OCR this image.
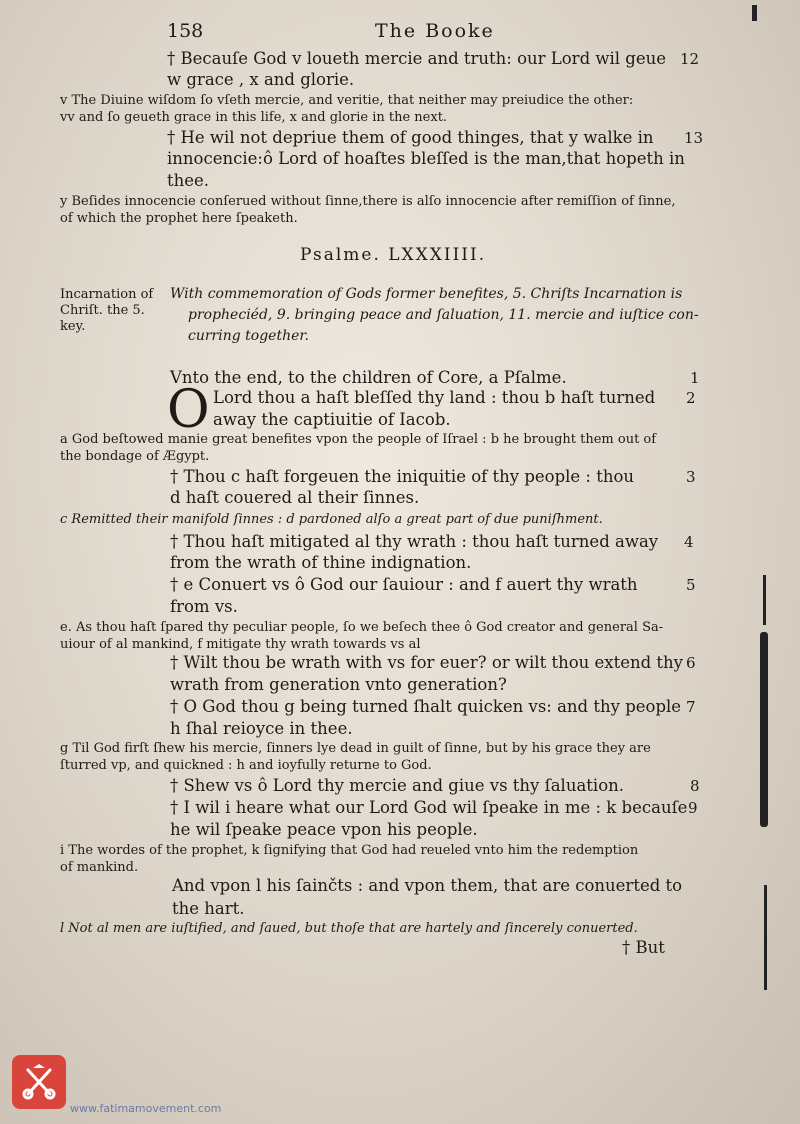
158	The Booke
† Becauſe God v loueth mercie and truth: our Lord wil geue 12
w grace , x and glorie.
v The Diuine wiſdom ſo vſeth mercie, and veritie, that neither may preiudice the other:
vv and ſo geueth grace in this life, x and glorie in the next.
† He wil not depriue them of good thinges, that y walke in 13
innocencie:ô Lord of hoaſtes bleſſed is the man,that hopeth in
thee.
y Beſides innocencie conſerued without ſinne,there is alſo innocencie after remiſſion of ſinne,
of which the prophet here ſpeaketh.
Psalme. LXXXIIII.
Incarnation of Chriſt. the 5. key.
With commemoration of Gods former benefites, 5. Chriſts Incarnation is
propheciéd, 9. bringing peace and ſaluation, 11. mercie and iuſtice con-
curring together.
Vnto the end, to the children of Core, a Pſalme.	1
O Lord thou a haſt bleſſed thy land : thou b haſt turned 2
away the captiuitie of Iacob.
a God beſtowed manie great benefites vpon the people of Iſrael : b he brought them out of
the bondage of Ægypt.
† Thou c haſt forgeuen the iniquitie of thy people : thou	3
d haſt couered al their ſinnes.
c Remitted their manifold ſinnes : d pardoned alſo a great part of due puniſhment.
† Thou haſt mitigated al thy wrath : thou haſt turned away 4
from the wrath of thine indignation.
† e Conuert vs ô God our ſauiour : and f auert thy wrath	5
from vs.
e. As thou haſt ſpared thy peculiar people, ſo we beſech thee ô God creator and general Sa-
uiour of al mankind, f mitigate thy wrath towards vs al
† Wilt thou be wrath with vs for euer? or wilt thou extend thy 6
wrath from generation vnto generation?
† O God thou g being turned ſhalt quicken vs: and thy people 7
h ſhal reioyce in thee.
g Til God firſt ſhew his mercie, ſinners lye dead in guilt of ſinne, but by his grace they are
ſturred vp, and quickned : h and ioyfully returne to God.
† Shew vs ô Lord thy mercie and giue vs thy ſaluation.	8
† I wil i heare what our Lord God wil ſpeake in me : k becauſe 9
he wil ſpeake peace vpon his people.
i The wordes of the prophet, k ſignifying that God had reueled vnto him the redemption
of mankind.
And vpon l his ſainčts : and vpon them, that are conuerted to
the hart.
l Not al men are iuſtified, and ſaued, but thoſe that are hartely and ſincerely conuerted.
† But
www.fatimamovement.com
